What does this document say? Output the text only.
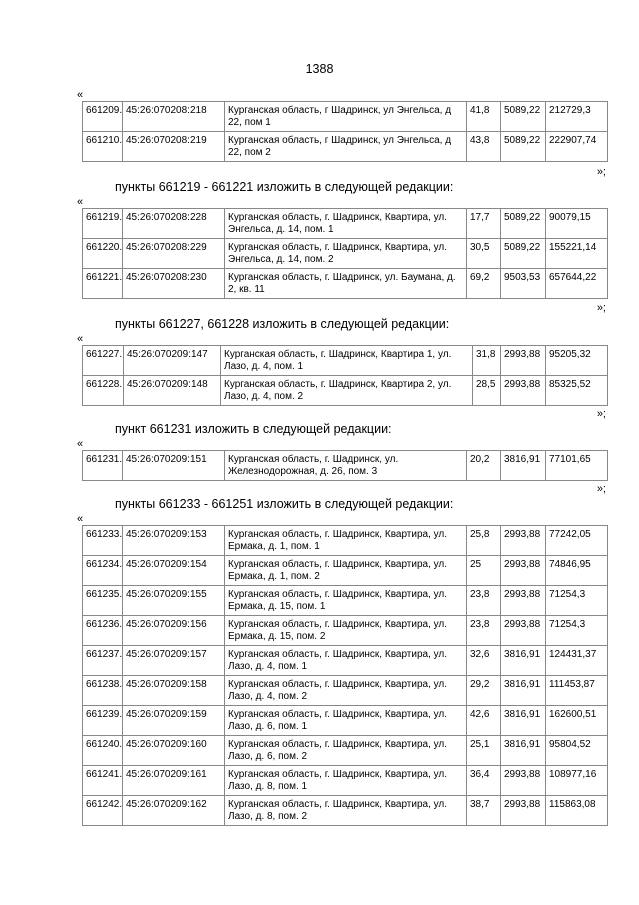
1388
«
661209.	45:26:070208:218	Курганская область, г Шадринск, ул Энгельса, д 22, пом 1	41,8	5089,22	212729,3
661210.	45:26:070208:219	Курганская область, г Шадринск, ул Энгельса, д 22, пом 2	43,8	5089,22	222907,74
»;
пункты 661219 - 661221 изложить в следующей редакции:
«
661219.	45:26:070208:228	Курганская область, г. Шадринск, Квартира, ул. Энгельса, д. 14, пом. 1	17,7	5089,22	90079,15
661220.	45:26:070208:229	Курганская область, г. Шадринск, Квартира, ул. Энгельса, д. 14, пом. 2	30,5	5089,22	155221,14
661221.	45:26:070208:230	Курганская область, г. Шадринск, ул. Баумана, д. 2, кв. 11	69,2	9503,53	657644,22
»;
пункты 661227, 661228 изложить в следующей редакции:
«
661227.	45:26:070209:147	Курганская область, г. Шадринск, Квартира 1, ул. Лазо, д. 4, пом. 1	31,8	2993,88	95205,32
661228.	45:26:070209:148	Курганская область, г. Шадринск, Квартира 2, ул. Лазо, д. 4, пом. 2	28,5	2993,88	85325,52
»;
пункт 661231 изложить в следующей редакции:
«
661231.	45:26:070209:151	Курганская область, г. Шадринск, ул. Железнодорожная, д. 26, пом. 3	20,2	3816,91	77101,65
»;
пункты 661233 - 661251 изложить в следующей редакции:
«
661233.	45:26:070209:153	Курганская область, г. Шадринск, Квартира, ул. Ермака, д. 1, пом. 1	25,8	2993,88	77242,05
661234.	45:26:070209:154	Курганская область, г. Шадринск, Квартира, ул. Ермака, д. 1, пом. 2	25	2993,88	74846,95
661235.	45:26:070209:155	Курганская область, г. Шадринск, Квартира, ул. Ермака, д. 15, пом. 1	23,8	2993,88	71254,3
661236.	45:26:070209:156	Курганская область, г. Шадринск, Квартира, ул. Ермака, д. 15, пом. 2	23,8	2993,88	71254,3
661237.	45:26:070209:157	Курганская область, г. Шадринск, Квартира, ул. Лазо, д. 4, пом. 1	32,6	3816,91	124431,37
661238.	45:26:070209:158	Курганская область, г. Шадринск, Квартира, ул. Лазо, д. 4, пом. 2	29,2	3816,91	111453,87
661239.	45:26:070209:159	Курганская область, г. Шадринск, Квартира, ул. Лазо, д. 6, пом. 1	42,6	3816,91	162600,51
661240.	45:26:070209:160	Курганская область, г. Шадринск, Квартира, ул. Лазо, д. 6, пом. 2	25,1	3816,91	95804,52
661241.	45:26:070209:161	Курганская область, г. Шадринск, Квартира, ул. Лазо, д. 8, пом. 1	36,4	2993,88	108977,16
661242.	45:26:070209:162	Курганская область, г. Шадринск, Квартира, ул. Лазо, д. 8, пом. 2	38,7	2993,88	115863,08
